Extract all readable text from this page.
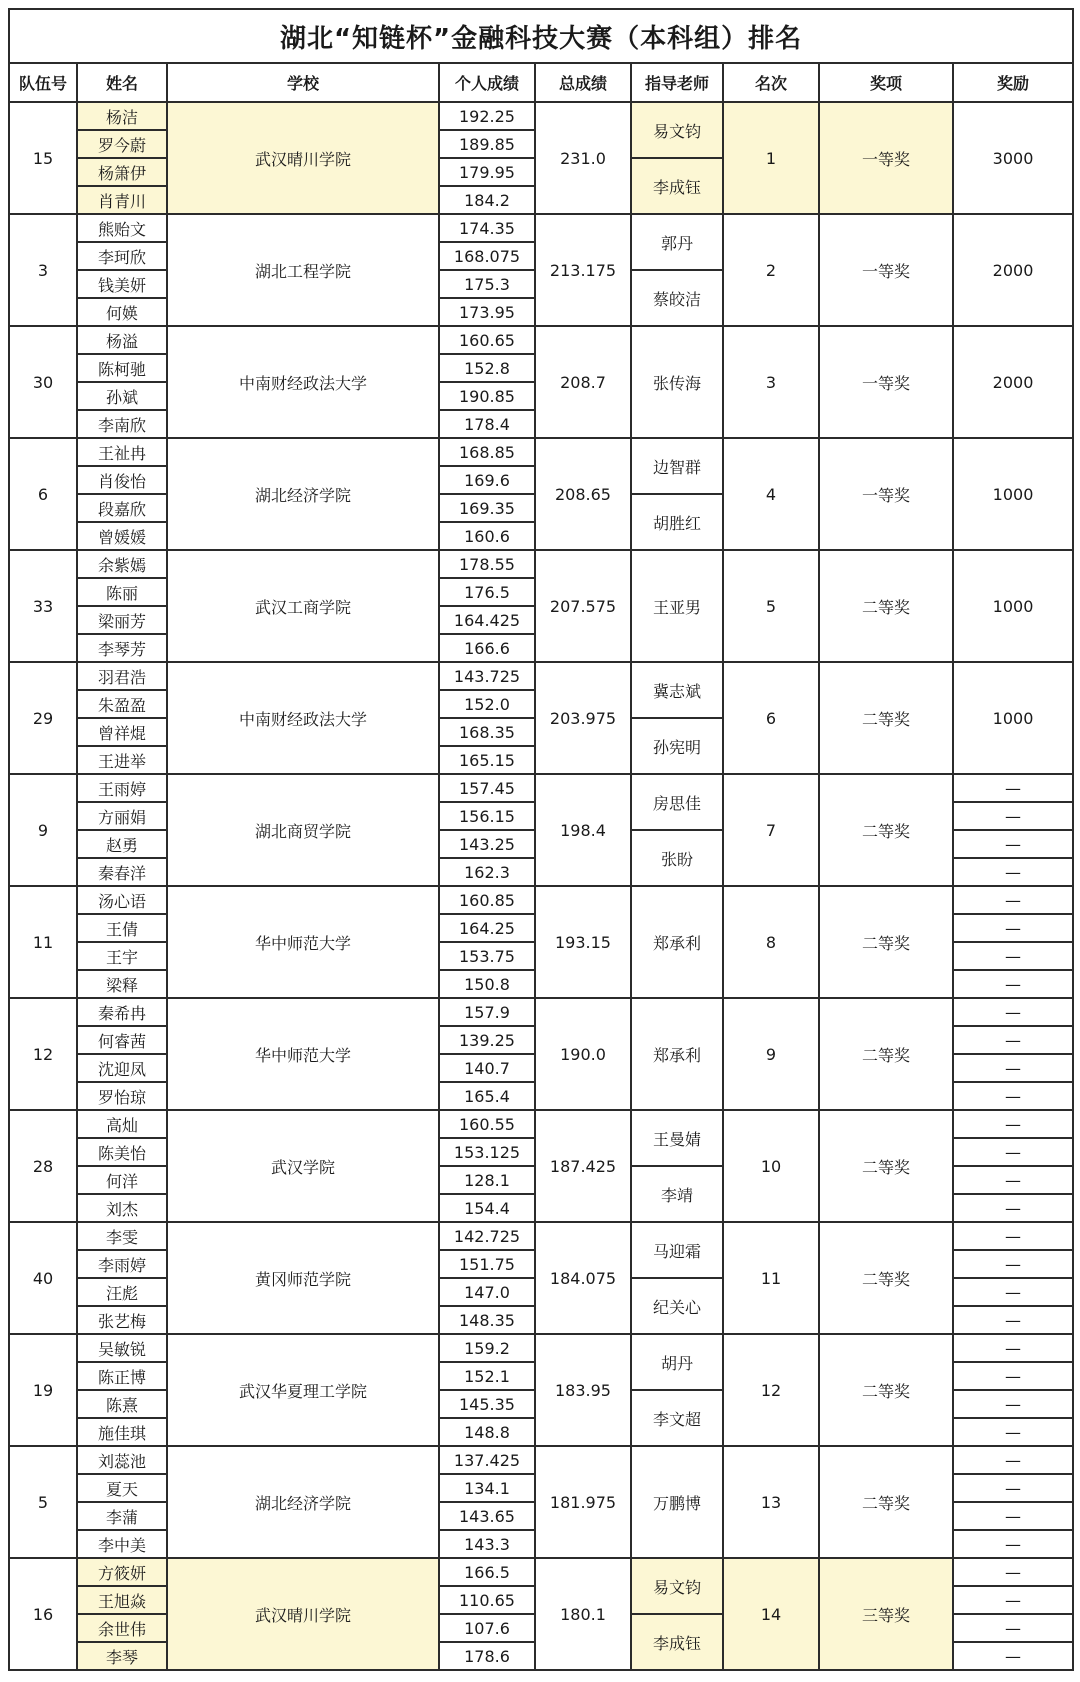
湖北“知链杯”金融科技大赛（本科组）排名								
队伍号	姓名	学校	个人成绩	总成绩	指导老师	名次	奖项	奖励
15	杨洁	武汉晴川学院	192.25	231.0	易文钧	1	一等奖	3000
	罗今蔚		189.85					
	杨箫伊		179.95		李成钰			
	肖青川		184.2					
3	熊贻文	湖北工程学院	174.35	213.175	郭丹	2	一等奖	2000
	李珂欣		168.075					
	钱美妍		175.3		蔡皎洁			
	何媖		173.95					
30	杨溢	中南财经政法大学	160.65	208.7	张传海	3	一等奖	2000
	陈柯驰		152.8					
	孙斌		190.85					
	李南欣		178.4					
6	王祉冉	湖北经济学院	168.85	208.65	边智群	4	一等奖	1000
	肖俊怡		169.6					
	段嘉欣		169.35		胡胜红			
	曾媛媛		160.6					
33	余紫嫣	武汉工商学院	178.55	207.575	王亚男	5	二等奖	1000
	陈丽		176.5					
	梁丽芳		164.425					
	李琴芳		166.6					
29	羽君浩	中南财经政法大学	143.725	203.975	冀志斌	6	二等奖	1000
	朱盈盈		152.0					
	曾祥焜		168.35		孙宪明			
	王进举		165.15					
9	王雨婷	湖北商贸学院	157.45	198.4	房思佳	7	二等奖	—
	方丽娟		156.15					—
	赵勇		143.25		张盼			—
	秦春洋		162.3					—
11	汤心语	华中师范大学	160.85	193.15	郑承利	8	二等奖	—
	王倩		164.25					—
	王宇		153.75					—
	梁释		150.8					—
12	秦希冉	华中师范大学	157.9	190.0	郑承利	9	二等奖	—
	何睿茜		139.25					—
	沈迎凤		140.7					—
	罗怡琼		165.4					—
28	高灿	武汉学院	160.55	187.425	王曼婧	10	二等奖	—
	陈美怡		153.125					—
	何洋		128.1		李靖			—
	刘杰		154.4					—
40	李雯	黄冈师范学院	142.725	184.075	马迎霜	11	二等奖	—
	李雨婷		151.75					—
	汪彪		147.0		纪关心			—
	张艺梅		148.35					—
19	吴敏锐	武汉华夏理工学院	159.2	183.95	胡丹	12	二等奖	—
	陈正博		152.1					—
	陈熹		145.35		李文超			—
	施佳琪		148.8					—
5	刘蕊池	湖北经济学院	137.425	181.975	万鹏博	13	二等奖	—
	夏天		134.1					—
	李蒲		143.65					—
	李中美		143.3					—
16	方筱妍	武汉晴川学院	166.5	180.1	易文钧	14	三等奖	—
	王旭焱		110.65					—
	余世伟		107.6		李成钰			—
	李琴		178.6					—
